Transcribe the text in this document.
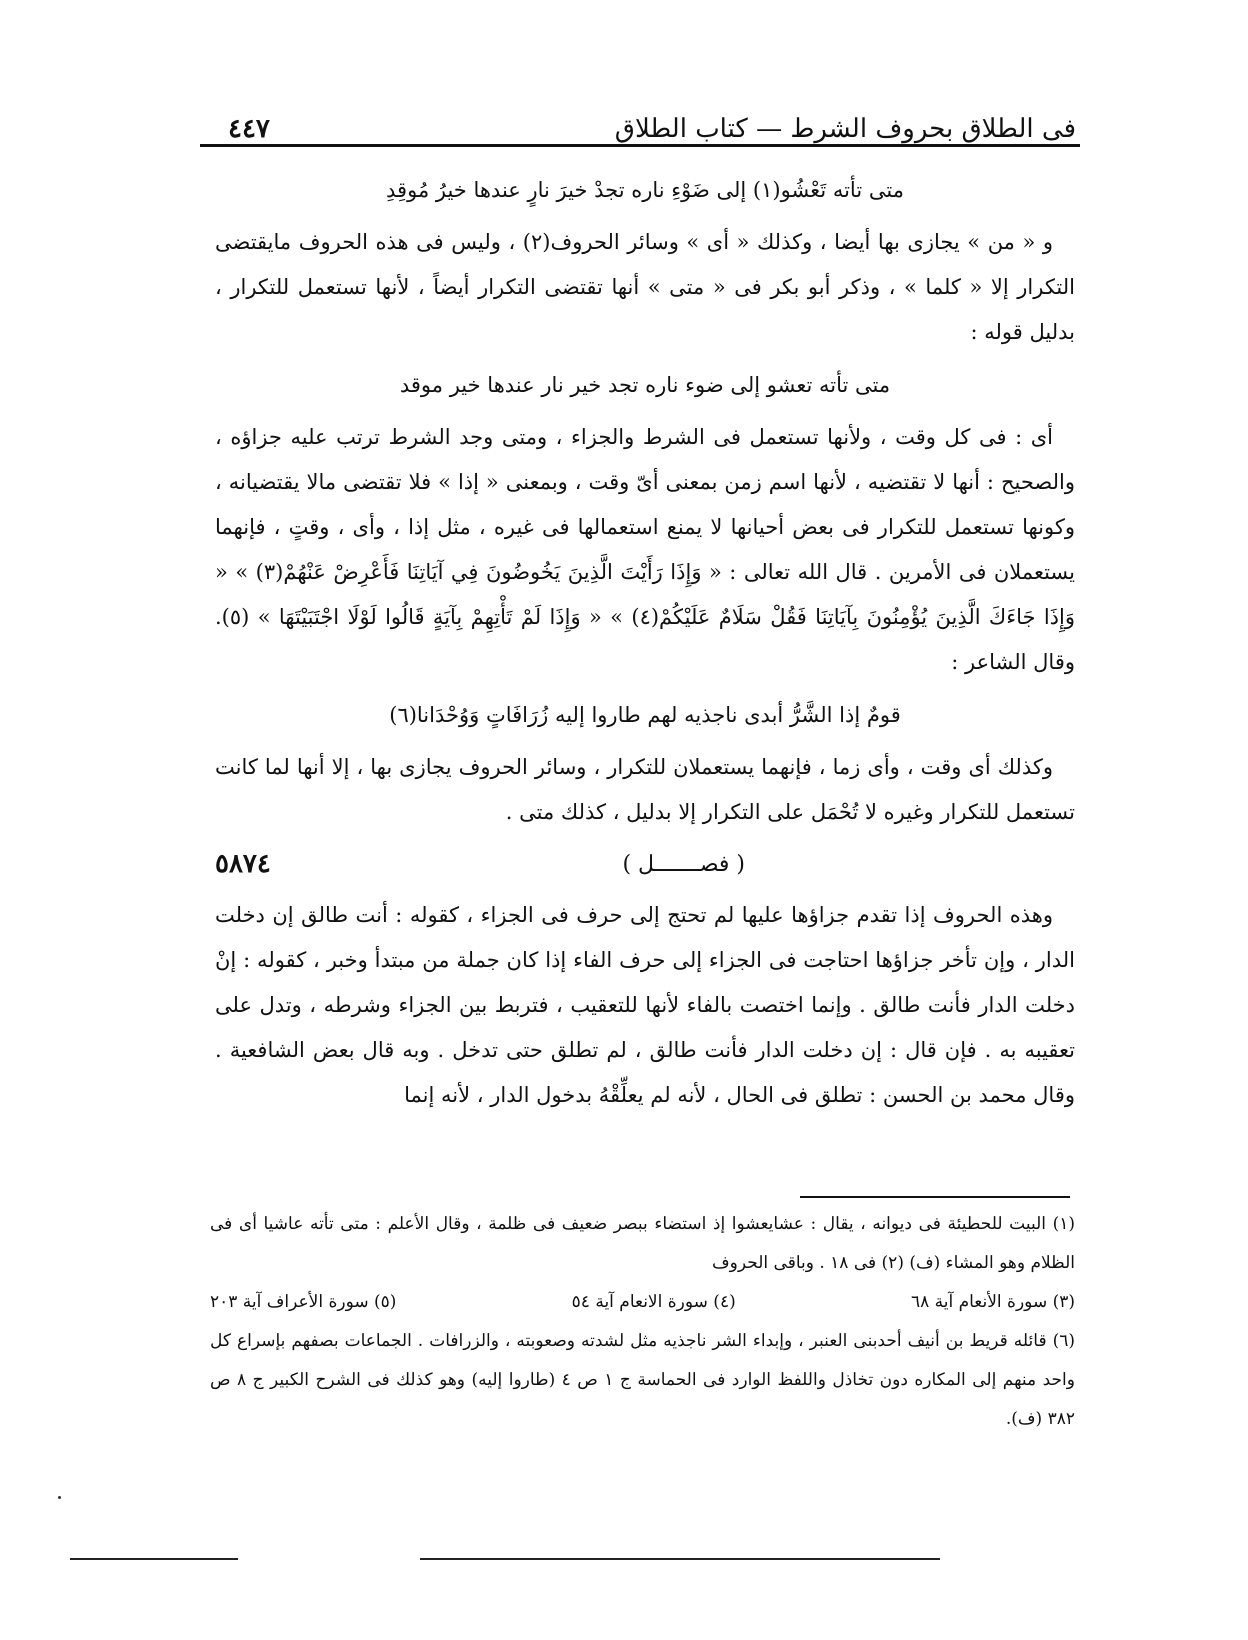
٤٤٧	فى الطلاق بحروف الشرط — كتاب الطلاق

متى تأته تَعْشُو(١) إلى ضَوْءِ ناره تجدْ خيرَ نارٍ عندها خيرُ مُوقِدِ

و « من » يجازى بها أيضا ، وكذلك « أى » وسائر الحروف(٢) ، وليس فى هذه الحروف مايقتضى التكرار إلا « كلما » ، وذكر أبو بكر فى « متى » أنها تقتضى التكرار أيضاً ، لأنها تستعمل للتكرار ، بدليل قوله :

متى تأته تعشو إلى ضوء ناره تجد خير نار عندها خير موقد

أى : فى كل وقت ، ولأنها تستعمل فى الشرط والجزاء ، ومتى وجد الشرط ترتب عليه جزاؤه ، والصحيح : أنها لا تقتضيه ، لأنها اسم زمن بمعنى أىّ وقت ، وبمعنى « إذا » فلا تقتضى مالا يقتضيانه ، وكونها تستعمل للتكرار فى بعض أحيانها لا يمنع استعمالها فى غيره ، مثل إذا ، وأى ، وقتٍ ، فإنهما يستعملان فى الأمرين . قال الله تعالى : « وَإِذَا رَأَيْتَ الَّذِينَ يَخُوضُونَ فِي آيَاتِنَا فَأَعْرِضْ عَنْهُمْ(٣) » « وَإِذَا جَاءَكَ الَّذِينَ يُؤْمِنُونَ بِآيَاتِنَا فَقُلْ سَلَامٌ عَلَيْكُمْ(٤) » « وَإِذَا لَمْ تَأْتِهِمْ بِآيَةٍ قَالُوا لَوْلَا اجْتَبَيْتَهَا » (٥). وقال الشاعر :

قومٌ إذا الشَّرُّ أبدى ناجذيه لهم طاروا إليه زُرَافَاتٍ وَوُحْدَانا(٦)

وكذلك أى وقت ، وأى زما ، فإنهما يستعملان للتكرار ، وسائر الحروف يجازى بها ، إلا أنها لما كانت تستعمل للتكرار وغيره لا تُحْمَل على التكرار إلا بدليل ، كذلك متى .

( فصـــــــل )
٥٨٧٤

وهذه الحروف إذا تقدم جزاؤها عليها لم تحتج إلى حرف فى الجزاء ، كقوله : أنت طالق إن دخلت الدار ، وإن تأخر جزاؤها احتاجت فى الجزاء إلى حرف الفاء إذا كان جملة من مبتدأ وخبر ، كقوله : إنْ دخلت الدار فأنت طالق . وإنما اختصت بالفاء لأنها للتعقيب ، فتربط بين الجزاء وشرطه ، وتدل على تعقيبه به . فإن قال : إن دخلت الدار فأنت طالق ، لم تطلق حتى تدخل . وبه قال بعض الشافعية . وقال محمد بن الحسن : تطلق فى الحال ، لأنه لم يعلِّقْهُ بدخول الدار ، لأنه إنما

(١) البيت للحطيئة فى ديوانه ، يقال : عشايعشوا إذ استضاء ببصر ضعيف فى ظلمة ، وقال الأعلم : متى تأته عاشيا أى فى الظلام وهو المشاء (ف) (٢) فى ١٨ . وباقى الحروف

(٣) سورة الأنعام آية ٦٨
(٤) سورة الانعام آية ٥٤
(٥) سورة الأعراف آية ٢٠٣

(٦) قائله قريط بن أنيف أحدبنى العنبر ، وإبداء الشر ناجذيه مثل لشدته وصعوبته ، والزرافات . الجماعات بصفهم بإسراع كل واحد منهم إلى المكاره دون تخاذل واللفظ الوارد فى الحماسة ج ١ ص ٤ (طاروا إليه) وهو كذلك فى الشرح الكبير ج ٨ ص ٣٨٢ (ف).
